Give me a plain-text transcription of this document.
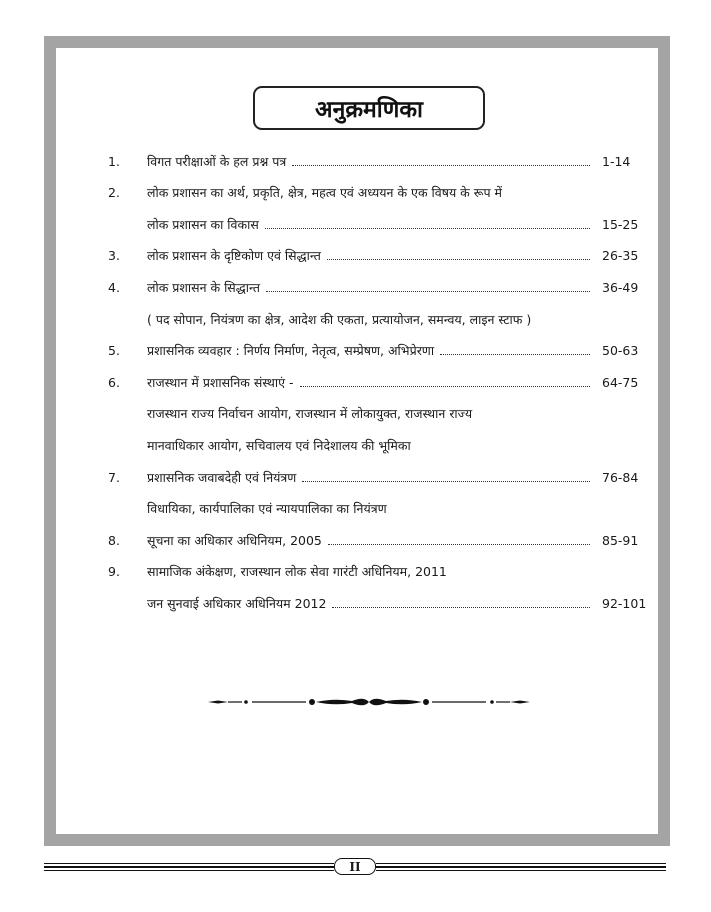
अनुक्रमणिका
1.	विगत परीक्षाओं के हल प्रश्न पत्र	1-14
2.	लोक प्रशासन का अर्थ, प्रकृति, क्षेत्र, महत्व एवं अध्ययन के एक विषय के रूप में
लोक प्रशासन का विकास	15-25
3.	लोक प्रशासन के दृष्टिकोण एवं सिद्धान्त	26-35
4.	लोक प्रशासन के सिद्धान्त	36-49
( पद सोपान, नियंत्रण का क्षेत्र, आदेश की एकता, प्रत्यायोजन, समन्वय, लाइन स्टाफ )
5.	प्रशासनिक व्यवहार : निर्णय निर्माण, नेतृत्व, सम्प्रेषण, अभिप्रेरणा	50-63
6.	राजस्थान में प्रशासनिक संस्थाएं -	64-75
राजस्थान राज्य निर्वाचन आयोग, राजस्थान में लोकायुक्त, राजस्थान राज्य
मानवाधिकार आयोग, सचिवालय एवं निदेशालय की भूमिका
7.	प्रशासनिक जवाबदेही एवं नियंत्रण	76-84
विधायिका, कार्यपालिका एवं न्यायपालिका का नियंत्रण
8.	सूचना का अधिकार अधिनियम, 2005	85-91
9.	सामाजिक अंकेक्षण, राजस्थान लोक सेवा गारंटी अधिनियम, 2011
जन सुनवाई अधिकार अधिनियम 2012	92-101
II
